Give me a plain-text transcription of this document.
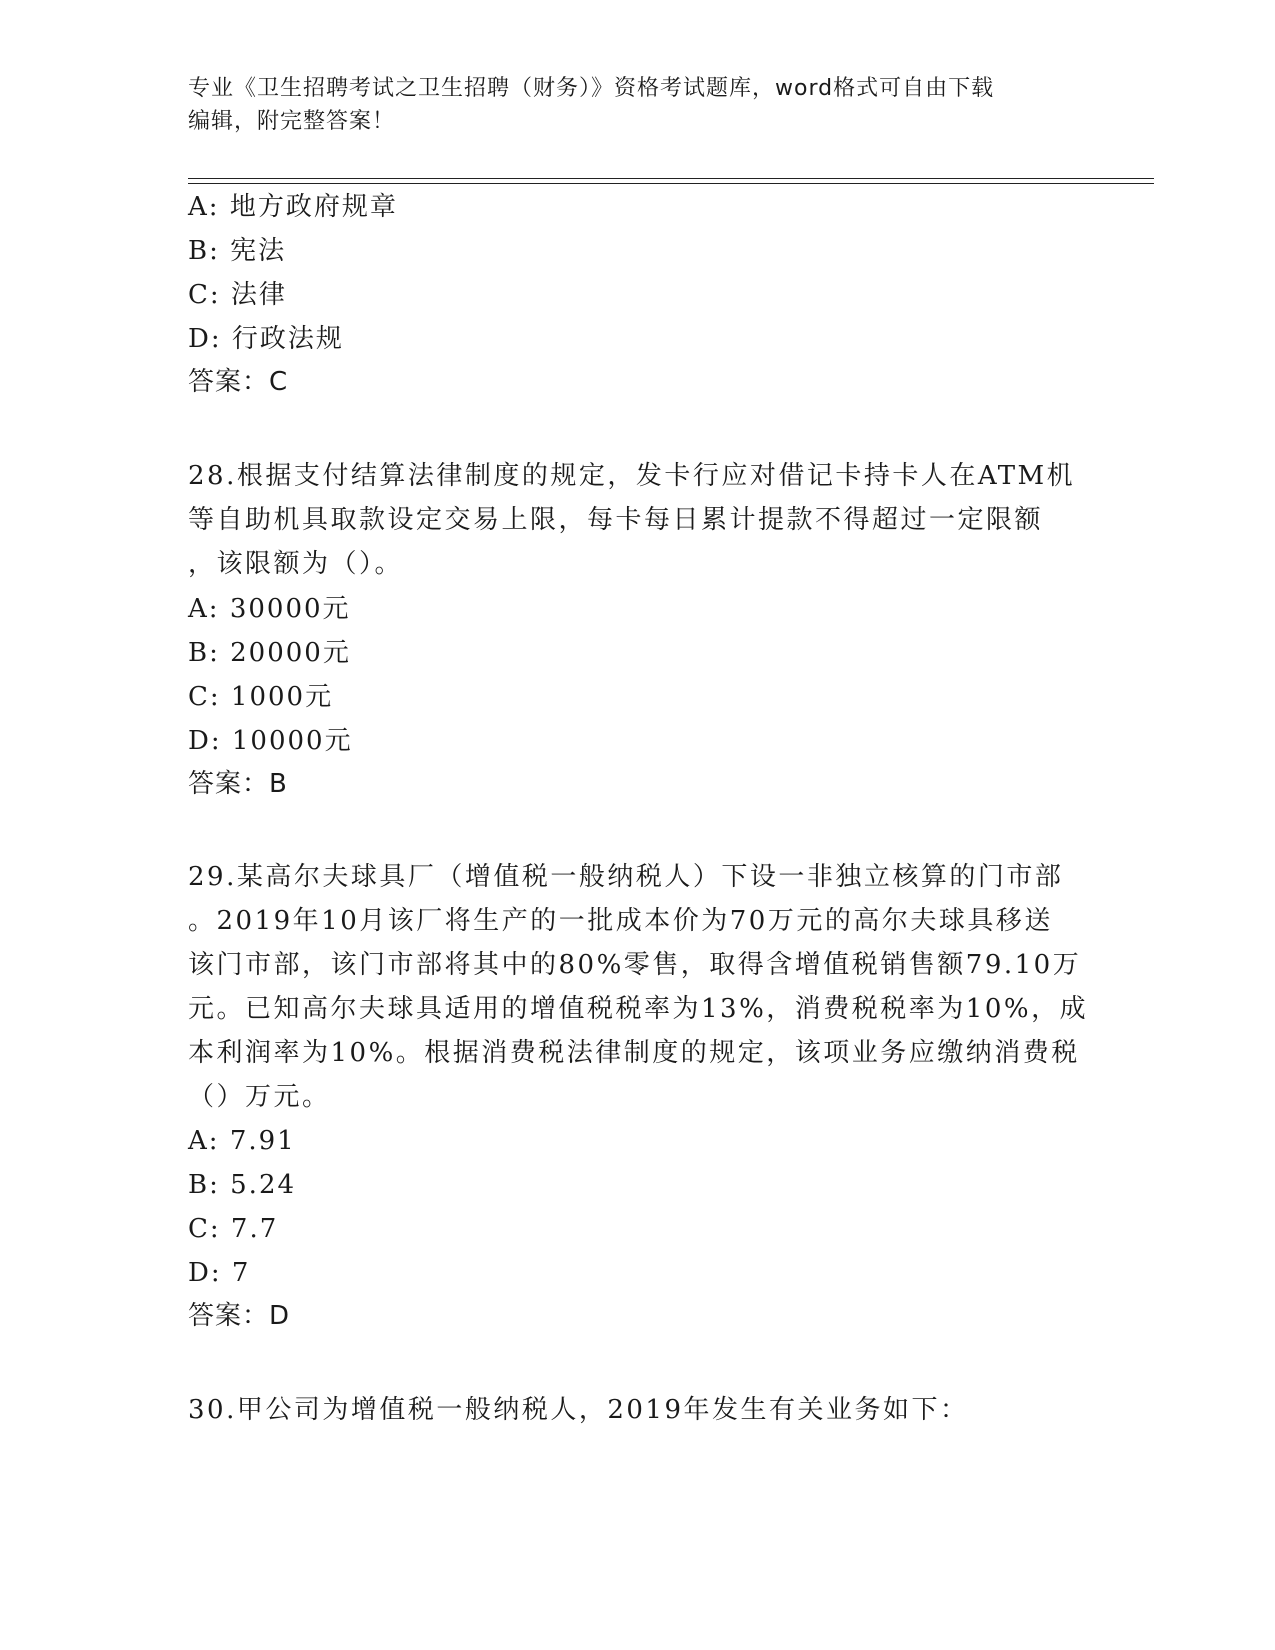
专业《卫生招聘考试之卫生招聘（财务）》资格考试题库，word格式可自由下载
编辑，附完整答案！
A: 地方政府规章
B: 宪法
C: 法律
D: 行政法规
答案：C
28.根据支付结算法律制度的规定，发卡行应对借记卡持卡人在ATM机
等自助机具取款设定交易上限，每卡每日累计提款不得超过一定限额
，该限额为（）。
A: 30000元
B: 20000元
C: 1000元
D: 10000元
答案：B
29.某高尔夫球具厂（增值税一般纳税人）下设一非独立核算的门市部
。2019年10月该厂将生产的一批成本价为70万元的高尔夫球具移送
该门市部，该门市部将其中的80%零售，取得含增值税销售额79.10万
元。已知高尔夫球具适用的增值税税率为13%，消费税税率为10%，成
本利润率为10%。根据消费税法律制度的规定，该项业务应缴纳消费税
（）万元。
A: 7.91
B: 5.24
C: 7.7
D: 7
答案：D
30.甲公司为增值税一般纳税人，2019年发生有关业务如下：
